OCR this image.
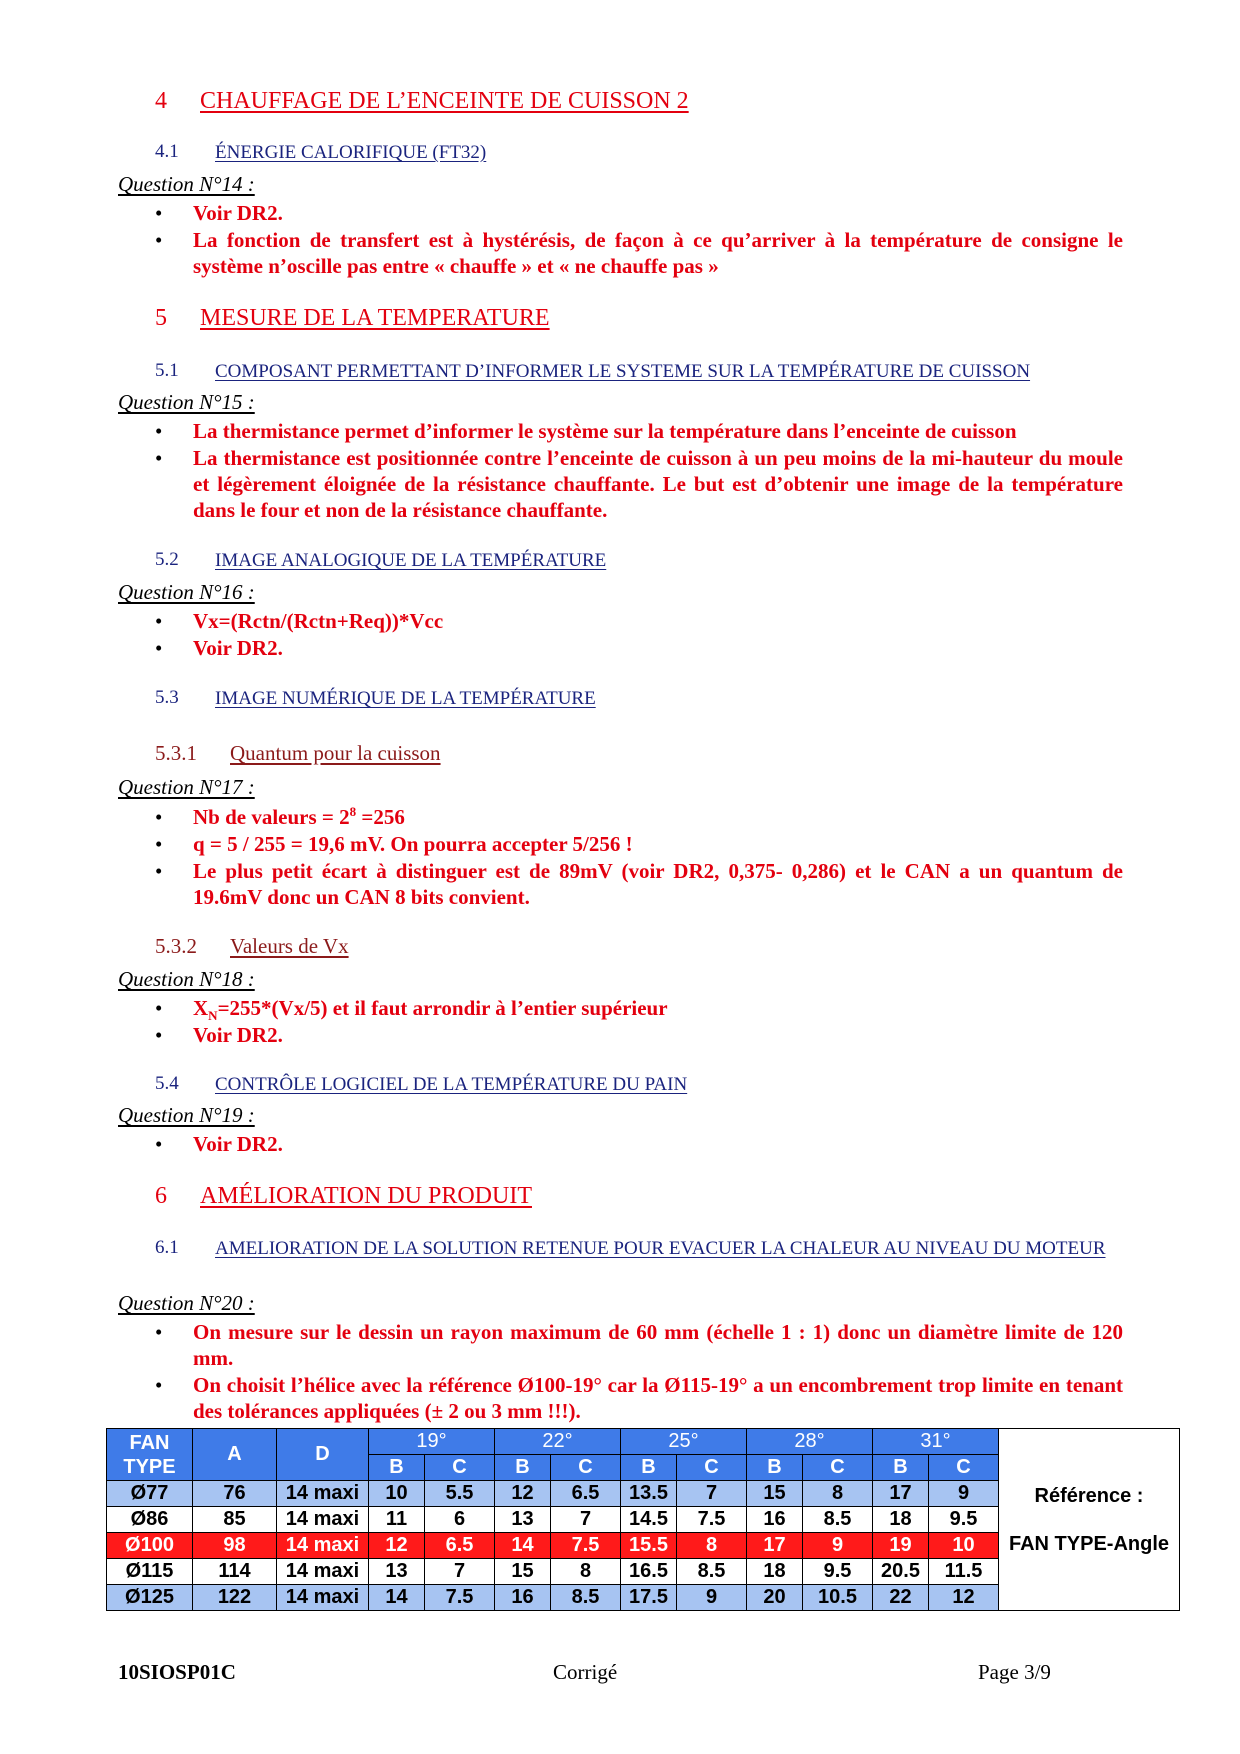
4 CHAUFFAGE DE L’ENCEINTE DE CUISSON 2
4.1 ÉNERGIE CALORIFIQUE (FT32)
Question N°14 :
• Voir DR2.
• La fonction de transfert est à hystérésis, de façon à ce qu’arriver à la température de consigne le système n’oscille pas entre « chauffe » et « ne chauffe pas »
5 MESURE DE LA TEMPERATURE
5.1 COMPOSANT PERMETTANT D’INFORMER LE SYSTEME SUR LA TEMPÉRATURE DE CUISSON
Question N°15 :
• La thermistance permet d’informer le système sur la température dans l’enceinte de cuisson
• La thermistance est positionnée contre l’enceinte de cuisson à un peu moins de la mi-hauteur du moule et légèrement éloignée de la résistance chauffante. Le but est d’obtenir une image de la température dans le four et non de la résistance chauffante.
5.2 IMAGE ANALOGIQUE DE LA TEMPÉRATURE
Question N°16 :
• Vx=(Rctn/(Rctn+Req))*Vcc
• Voir DR2.
5.3 IMAGE NUMÉRIQUE DE LA TEMPÉRATURE
5.3.1 Quantum pour la cuisson
Question N°17 :
• Nb de valeurs = $2^8 =256$
• q = 5 / 255 = 19,6 mV. On pourra accepter 5/256 !
• Le plus petit écart à distinguer est de 89mV (voir DR2, 0,375- 0,286) et le CAN a un quantum de 19.6mV donc un CAN 8 bits convient.
5.3.2 Valeurs de Vx
Question N°18 :
• $X_N=255*(Vx/5)$ et il faut arrondir à l’entier supérieur
• Voir DR2.
5.4 CONTRÔLE LOGICIEL DE LA TEMPÉRATURE DU PAIN
Question N°19 :
• Voir DR2.
6 AMÉLIORATION DU PRODUIT
6.1 AMELIORATION DE LA SOLUTION RETENUE POUR EVACUER LA CHALEUR AU NIVEAU DU MOTEUR
Question N°20 :
• On mesure sur le dessin un rayon maximum de 60 mm (échelle 1 : 1) donc un diamètre limite de 120 mm.
• On choisit l’hélice avec la référence Ø100-19° car la Ø115-19° a un encombrement trop limite en tenant des tolérances appliquées (± 2 ou 3 mm !!!).
FAN TYPE	A	D	19°		22°		25°		28°		31°		Référence :
FAN TYPE-Angle

			B	C	B	C	B	C	B	C	B	C	
Ø77	76	14 maxi	10	5.5	12	6.5	13.5	7	15	8	17	9	
Ø86	85	14 maxi	11	6	13	7	14.5	7.5	16	8.5	18	9.5	
Ø100	98	14 maxi	12	6.5	14	7.5	15.5	8	17	9	19	10	
Ø115	114	14 maxi	13	7	15	8	16.5	8.5	18	9.5	20.5	11.5	
Ø125	122	14 maxi	14	7.5	16	8.5	17.5	9	20	10.5	22	12	
10SIOSP01C	Corrigé	Page 3/9
